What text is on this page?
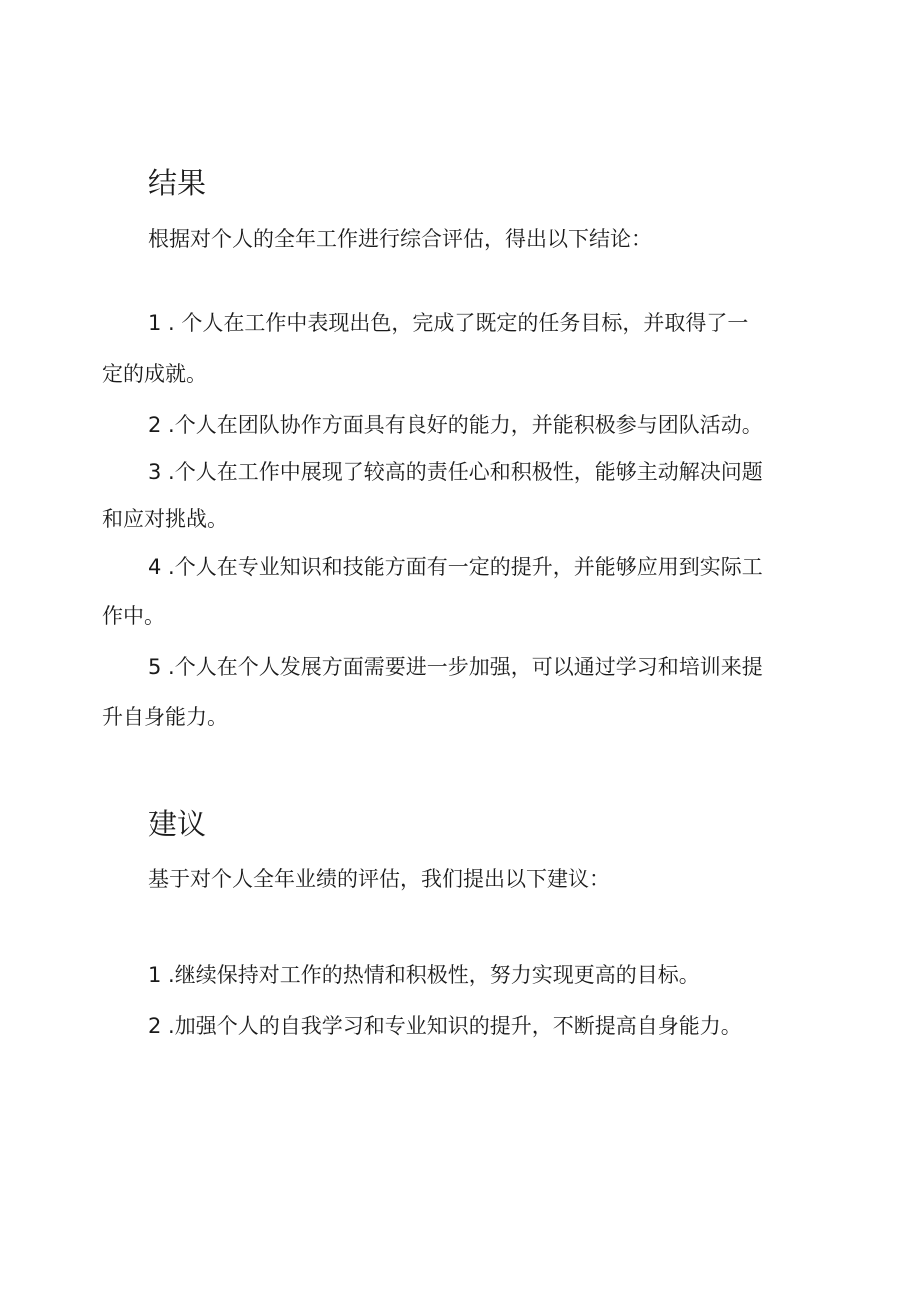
结果

根据对个人的全年工作进行综合评估，得出以下结论：

1 . 个人在工作中表现出色，完成了既定的任务目标，并取得了一

定的成就。

2 .个人在团队协作方面具有良好的能力，并能积极参与团队活动。

3 .个人在工作中展现了较高的责任心和积极性，能够主动解决问题

和应对挑战。

4 .个人在专业知识和技能方面有一定的提升，并能够应用到实际工

作中。

5 .个人在个人发展方面需要进一步加强，可以通过学习和培训来提

升自身能力。

建议

基于对个人全年业绩的评估，我们提出以下建议：

1 .继续保持对工作的热情和积极性，努力实现更高的目标。

2 .加强个人的自我学习和专业知识的提升，不断提高自身能力。
